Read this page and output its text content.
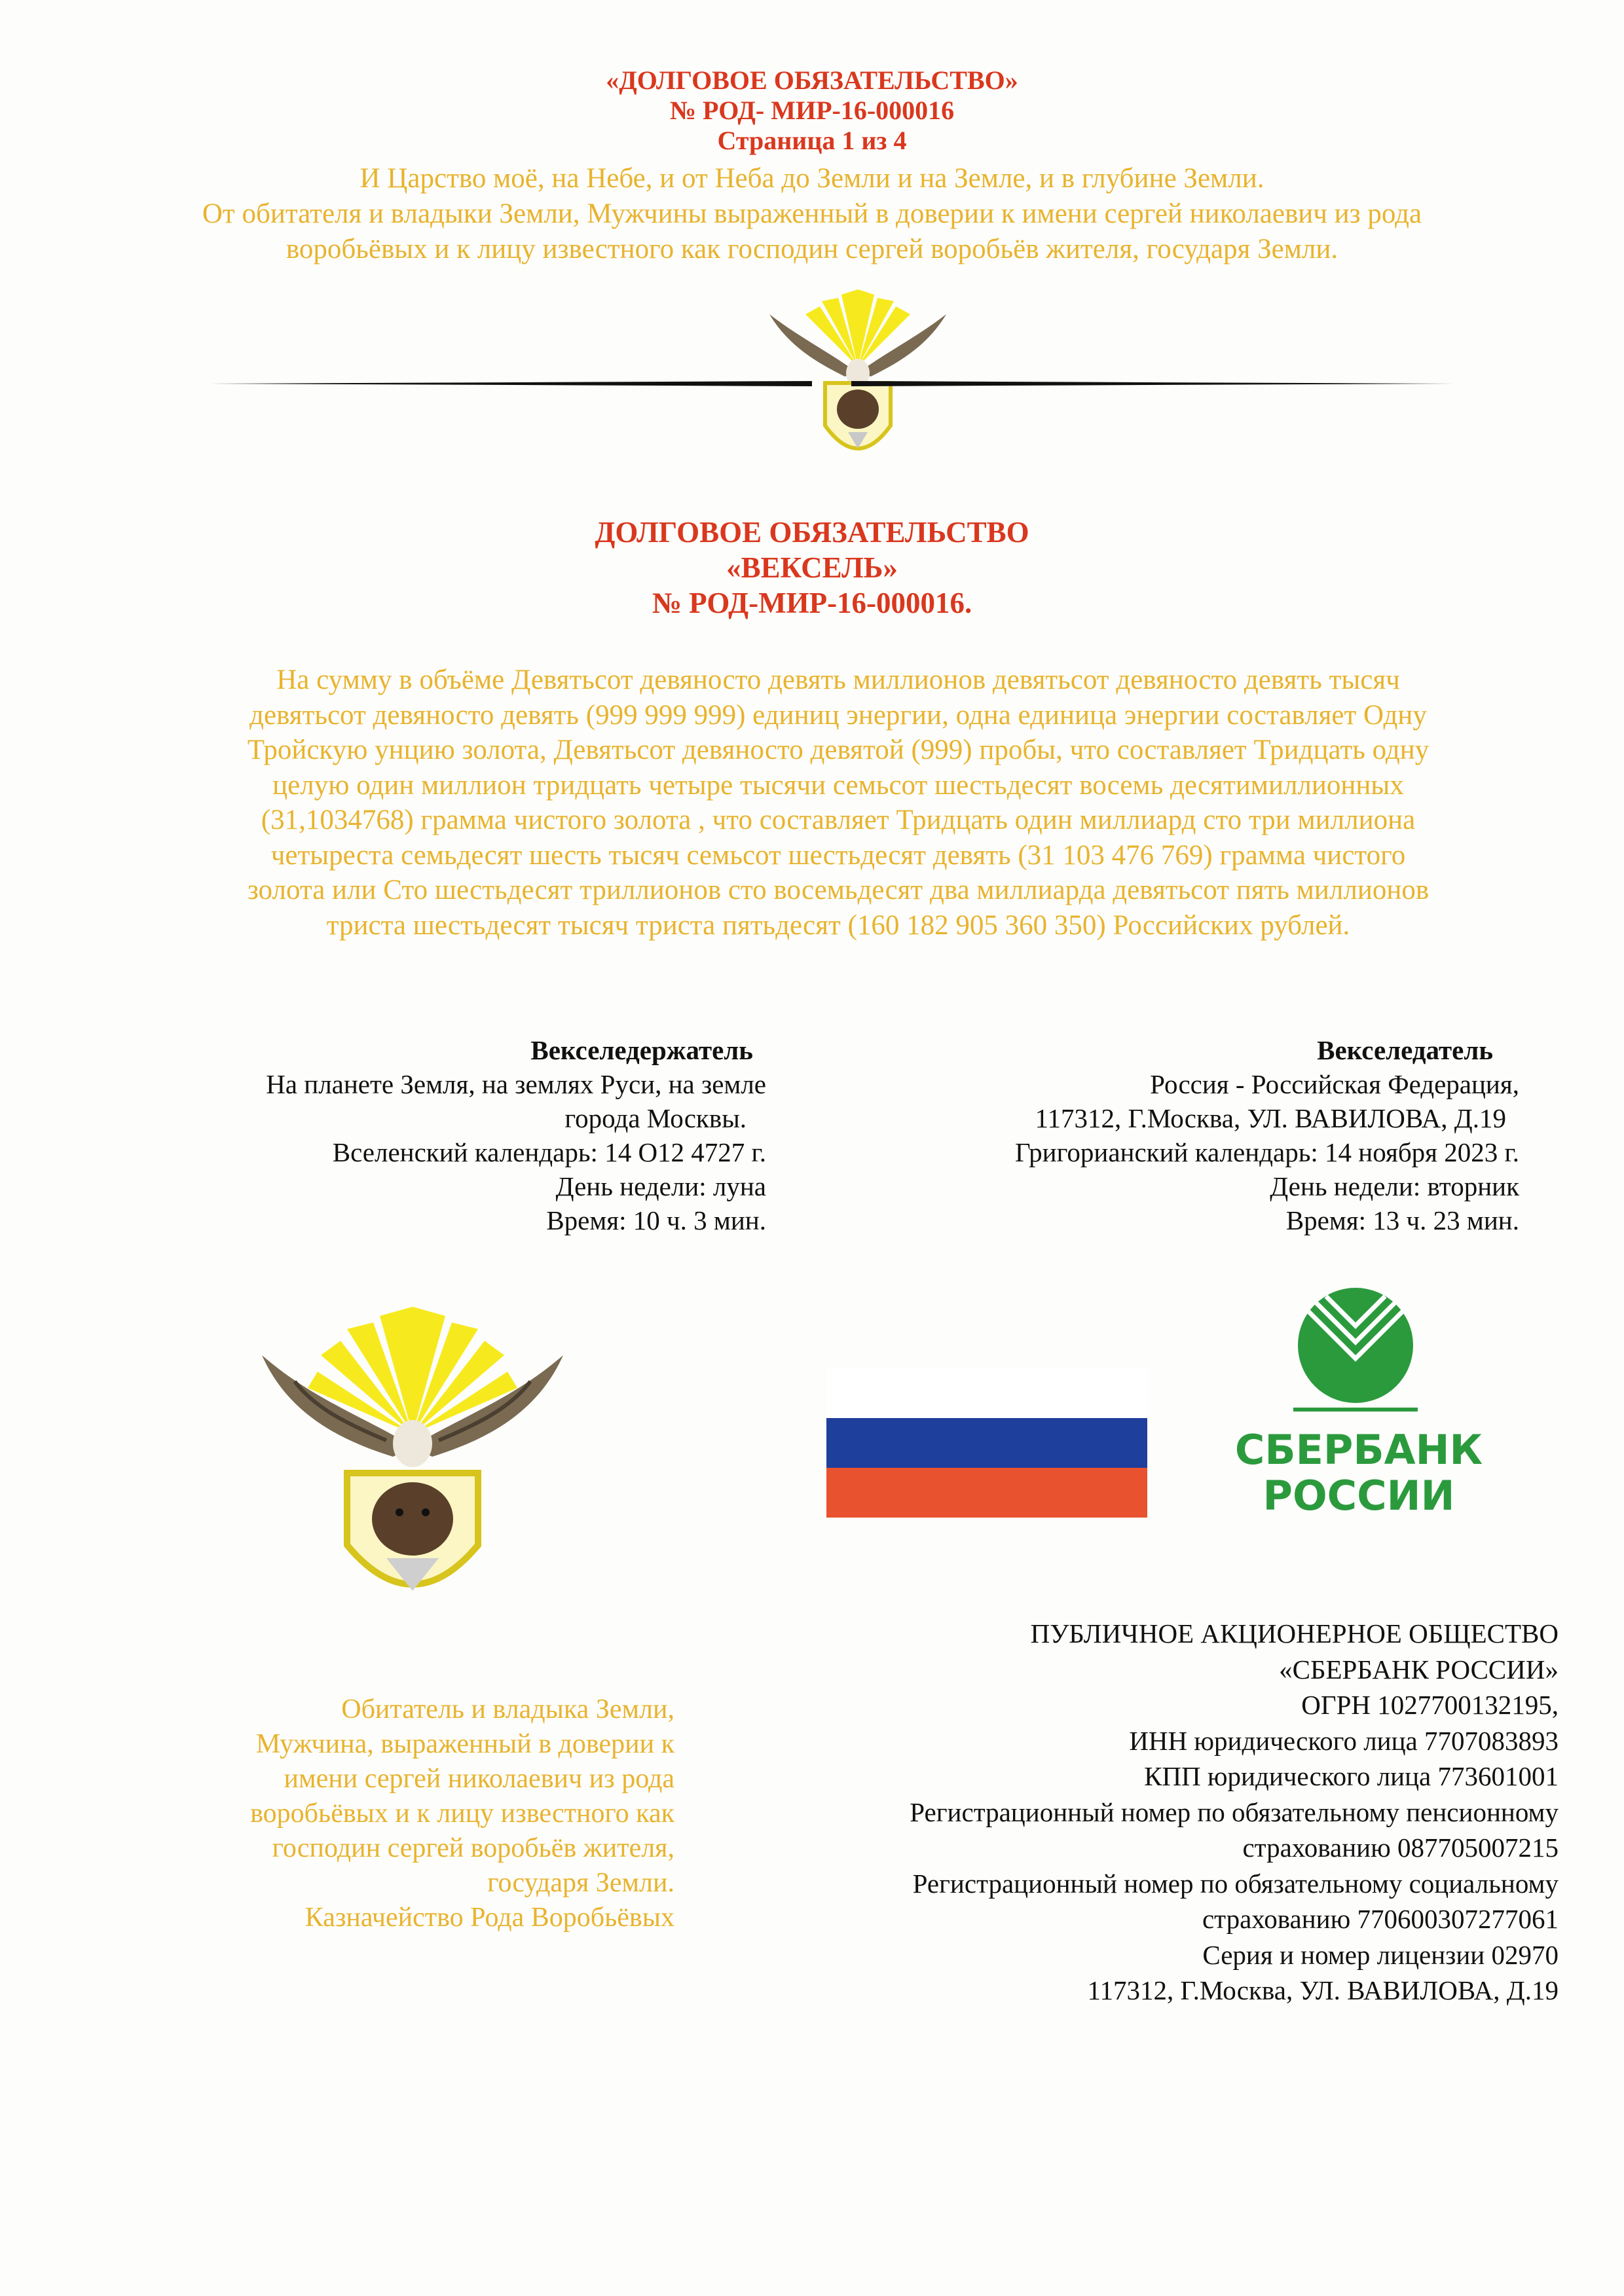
«ДОЛГОВОЕ ОБЯЗАТЕЛЬСТВО»
№ РОД- МИР-16-000016
Страница 1 из 4
И Царство моё, на Небе, и от Неба до Земли и на Земле, и в глубине Земли.
От обитателя и владыки Земли, Мужчины выраженный в доверии к имени сергей николаевич из рода
воробьёвых и к лицу известного как господин сергей воробьёв жителя, государя Земли.
ДОЛГОВОЕ ОБЯЗАТЕЛЬСТВО
«ВЕКСЕЛЬ»
№ РОД-МИР-16-000016.
На сумму в объёме Девятьсот девяносто девять миллионов девятьсот девяносто девять тысяч
девятьсот девяносто девять (999 999 999) единиц энергии, одна единица энергии составляет Одну
Тройскую унцию золота, Девятьсот девяносто девятой (999) пробы, что составляет Тридцать одну
целую один миллион тридцать четыре тысячи семьсот шестьдесят восемь десятимиллионных
(31,1034768) грамма чистого золота , что составляет Тридцать один миллиард сто три миллиона
четыреста семьдесят шесть тысяч семьсот шестьдесят девять (31 103 476 769) грамма чистого
золота или Сто шестьдесят триллионов сто восемьдесят два миллиарда девятьсот пять миллионов
триста шестьдесят тысяч триста пятьдесят (160 182 905 360 350) Российских рублей.
Векселедержатель
На планете Земля, на землях Руси, на земле
города Москвы.
Вселенский календарь: 14 О12 4727 г.
День недели: луна
Время: 10 ч. 3 мин.
Векселедатель
Россия - Российская Федерация,
117312, Г.Москва, УЛ. ВАВИЛОВА, Д.19
Григорианский календарь: 14 ноября 2023 г.
День недели: вторник
Время: 13 ч. 23 мин.
СБЕРБАНК
РОССИИ
Обитатель и владыка Земли,
Мужчина, выраженный в доверии к
имени сергей николаевич из рода
воробьёвых и к лицу известного как
господин сергей воробьёв жителя,
государя Земли.
Казначейство Рода Воробьёвых
ПУБЛИЧНОЕ АКЦИОНЕРНОЕ ОБЩЕСТВО
«СБЕРБАНК РОССИИ»
ОГРН 1027700132195,
ИНН юридического лица 7707083893
КПП юридического лица 773601001
Регистрационный номер по обязательному пенсионному
страхованию 087705007215
Регистрационный номер по обязательному социальному
страхованию 770600307277061
Серия и номер лицензии 02970
117312, Г.Москва, УЛ. ВАВИЛОВА, Д.19
